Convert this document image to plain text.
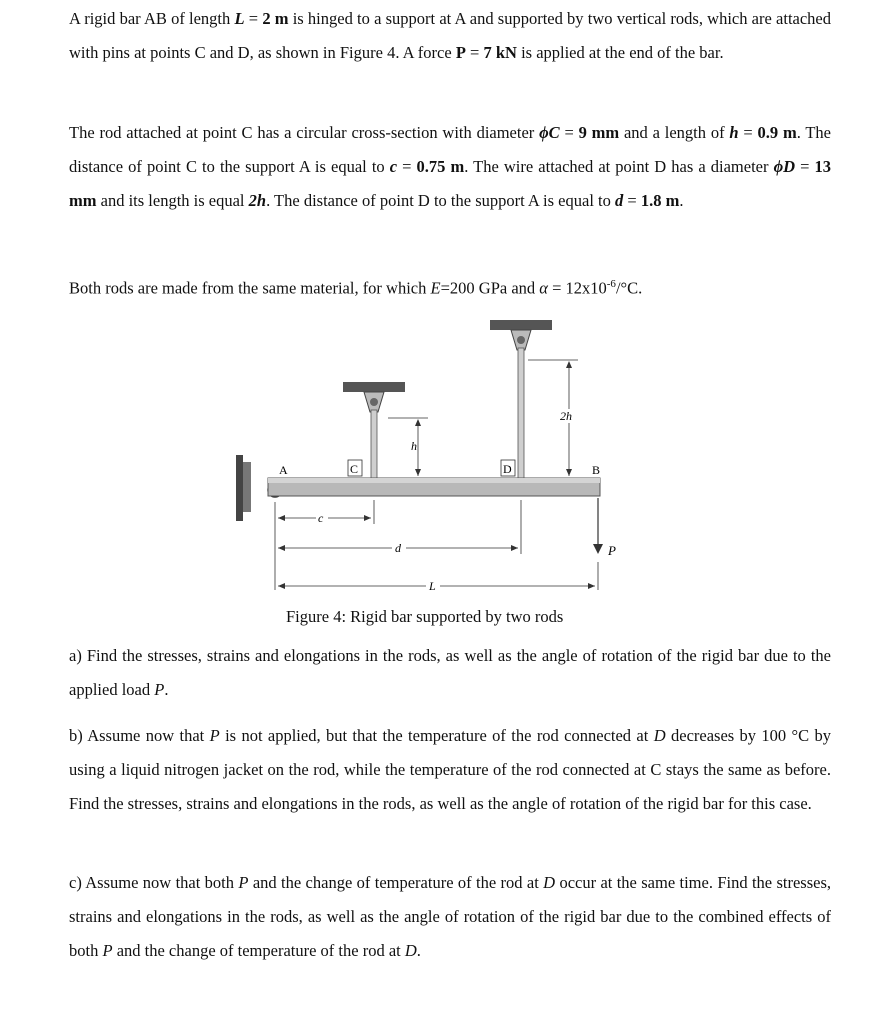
A rigid bar AB of length L = 2 m is hinged to a support at A and supported by two vertical rods, which are attached with pins at points C and D, as shown in Figure 4. A force P = 7 kN is applied at the end of the bar.

The rod attached at point C has a circular cross-section with diameter ϕC = 9 mm and a length of h = 0.9 m. The distance of point C to the support A is equal to c = 0.75 m. The wire attached at point D has a diameter ϕD = 13 mm and its length is equal 2h. The distance of point D to the support A is equal to d = 1.8 m.

Both rods are made from the same material, for which E=200 GPa and $\alpha = 12x10^{-6}/^\circ C$.

A	C	D	B
h
2h
P
c
d
L
Figure 4: Rigid bar supported by two rods

a) Find the stresses, strains and elongations in the rods, as well as the angle of rotation of the rigid bar due to the applied load P.

b) Assume now that P is not applied, but that the temperature of the rod connected at D decreases by 100 °C by using a liquid nitrogen jacket on the rod, while the temperature of the rod connected at C stays the same as before. Find the stresses, strains and elongations in the rods, as well as the angle of rotation of the rigid bar for this case.

c) Assume now that both P and the change of temperature of the rod at D occur at the same time. Find the stresses, strains and elongations in the rods, as well as the angle of rotation of the rigid bar due to the combined effects of both P and the change of temperature of the rod at D.
